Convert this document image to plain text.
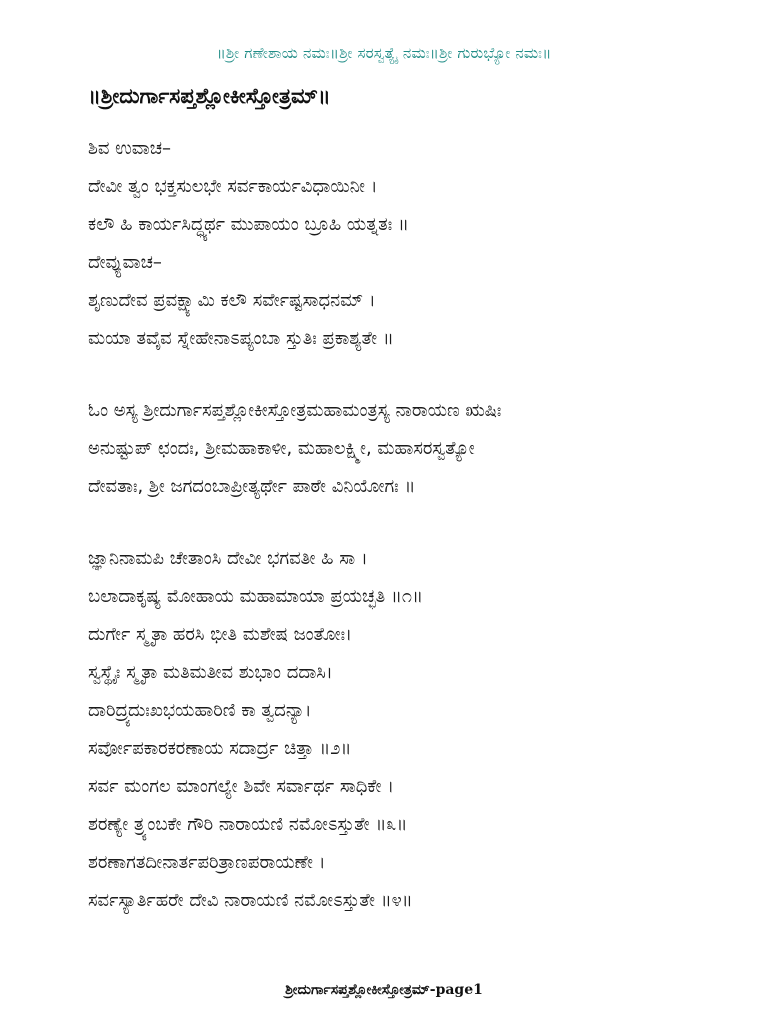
॥ಶ್ರೀ ಗಣೇಶಾಯ ನಮಃ॥ಶ್ರೀ ಸರಸ್ವತ್ಯೈ ನಮಃ॥ಶ್ರೀ ಗುರುಭ್ಯೋ ನಮಃ॥
॥ಶ್ರೀದುರ್ಗಾಸಪ್ತಶ್ಲೋಕೀಸ್ತೋತ್ರಮ್॥
ಶಿವ ಉವಾಚ–
ದೇವೀ ತ್ವಂ ಭಕ್ತಸುಲಭೇ ಸರ್ವಕಾರ್ಯವಿಧಾಯಿನೀ ।
ಕಲೌ ಹಿ ಕಾರ್ಯಸಿದ್ಧ್ಯರ್ಥ ಮುಪಾಯಂ ಬ್ರೂಹಿ ಯತ್ನತಃ ॥
ದೇವ್ಯುವಾಚ–
ಶೃಣುದೇವ ಪ್ರವಕ್ಷ್ಯಾಮಿ ಕಲೌ ಸರ್ವೇಷ್ಟಸಾಧನಮ್ ।
ಮಯಾ ತವೈವ ಸ್ನೇಹೇನಾಽಪ್ಯಂಬಾ ಸ್ತುತಿಃ ಪ್ರಕಾಶ್ಯತೇ ॥
ಓಂ ಅಸ್ಯ ಶ್ರೀದುರ್ಗಾಸಪ್ತಶ್ಲೋಕೀಸ್ತೋತ್ರಮಹಾಮಂತ್ರಸ್ಯ ನಾರಾಯಣ ಋಷಿಃ
ಅನುಷ್ಟುಪ್ ಛಂದಃ, ಶ್ರೀಮಹಾಕಾಳೀ, ಮಹಾಲಕ್ಷ್ಮೀ, ಮಹಾಸರಸ್ವತ್ಯೋ
ದೇವತಾಃ, ಶ್ರೀ ಜಗದಂಬಾಪ್ರೀತ್ಯರ್ಥೇ ಪಾಠೇ ವಿನಿಯೋಗಃ ॥
ಜ್ಞಾನಿನಾಮಪಿ ಚೇತಾಂಸಿ ದೇವೀ ಭಗವತೀ ಹಿ ಸಾ ।
ಬಲಾದಾಕೃಷ್ಯ ಮೋಹಾಯ ಮಹಾಮಾಯಾ ಪ್ರಯಚ್ಛತಿ ॥೧॥
ದುರ್ಗೇ ಸ್ಮೃತಾ ಹರಸಿ ಭೀತಿ ಮಶೇಷ ಜಂತೋಃ।
ಸ್ವಸ್ಥೈಃ ಸ್ಮೃತಾ ಮತಿಮತೀವ ಶುಭಾಂ ದದಾಸಿ।
ದಾರಿದ್ರ್ಯದುಃಖಭಯಹಾರಿಣಿ ಕಾ ತ್ವದನ್ಯಾ।
ಸರ್ವೋಪಕಾರಕರಣಾಯ ಸದಾರ್ದ್ರ ಚಿತ್ತಾ ॥೨॥
ಸರ್ವ ಮಂಗಲ ಮಾಂಗಲ್ಯೇ ಶಿವೇ ಸರ್ವಾರ್ಥ ಸಾಧಿಕೇ ।
ಶರಣ್ಯೇ ತ್ರ್ಯಂಬಕೇ ಗೌರಿ ನಾರಾಯಣಿ ನಮೋಽಸ್ತುತೇ ॥೩॥
ಶರಣಾಗತದೀನಾರ್ತಪರಿತ್ರಾಣಪರಾಯಣೇ ।
ಸರ್ವಸ್ಯಾರ್ತಿಹರೇ ದೇವಿ ನಾರಾಯಣಿ ನಮೋಽಸ್ತುತೇ ॥೪॥
ಶ್ರೀದುರ್ಗಾಸಪ್ತಶ್ಲೋಕೀಸ್ತೋತ್ರಮ್-page1
